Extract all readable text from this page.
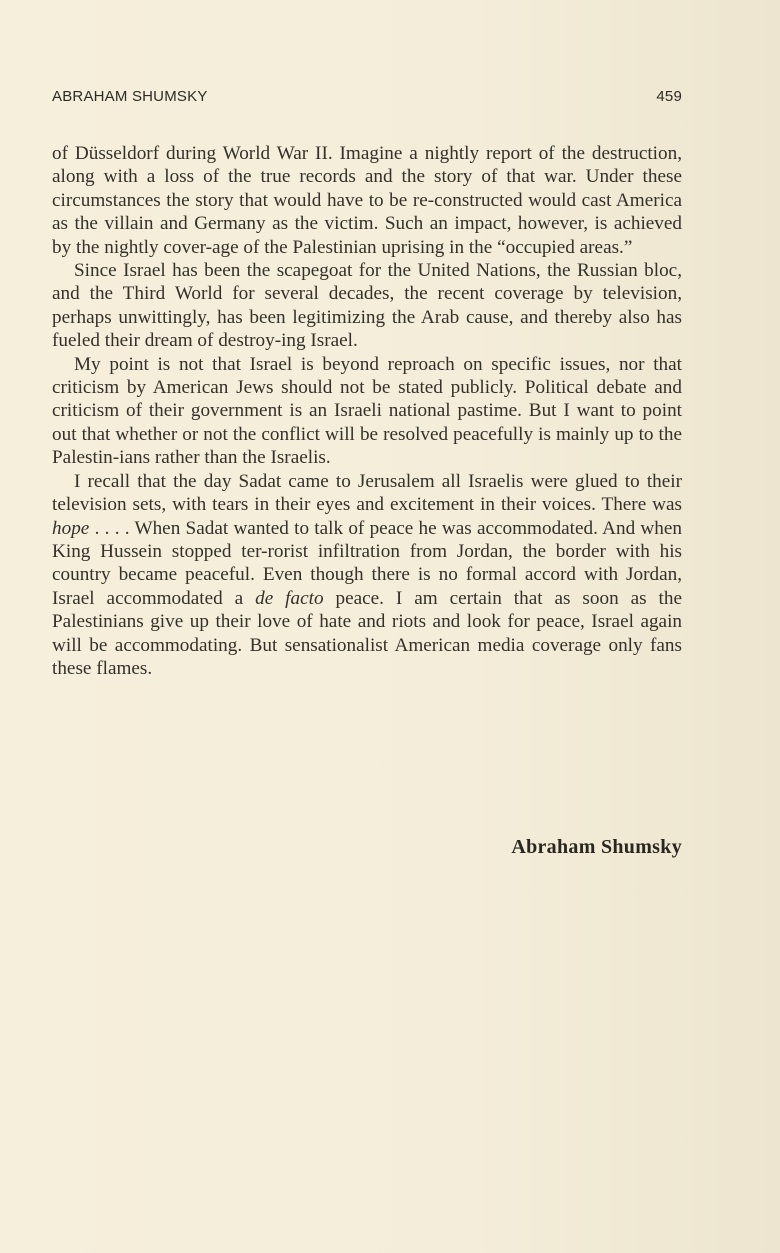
ABRAHAM SHUMSKY	459

of Düsseldorf during World War II. Imagine a nightly report of the destruction, along with a loss of the true records and the story of that war. Under these circumstances the story that would have to be re-constructed would cast America as the villain and Germany as the victim. Such an impact, however, is achieved by the nightly cover-age of the Palestinian uprising in the “occupied areas.”

Since Israel has been the scapegoat for the United Nations, the Russian bloc, and the Third World for several decades, the recent coverage by television, perhaps unwittingly, has been legitimizing the Arab cause, and thereby also has fueled their dream of destroy-ing Israel.

My point is not that Israel is beyond reproach on specific issues, nor that criticism by American Jews should not be stated publicly. Political debate and criticism of their government is an Israeli national pastime. But I want to point out that whether or not the conflict will be resolved peacefully is mainly up to the Palestin-ians rather than the Israelis.

I recall that the day Sadat came to Jerusalem all Israelis were glued to their television sets, with tears in their eyes and excitement in their voices. There was hope . . . . When Sadat wanted to talk of peace he was accommodated. And when King Hussein stopped ter-rorist infiltration from Jordan, the border with his country became peaceful. Even though there is no formal accord with Jordan, Israel accommodated a de facto peace. I am certain that as soon as the Palestinians give up their love of hate and riots and look for peace, Israel again will be accommodating. But sensationalist American media coverage only fans these flames.

Abraham Shumsky
